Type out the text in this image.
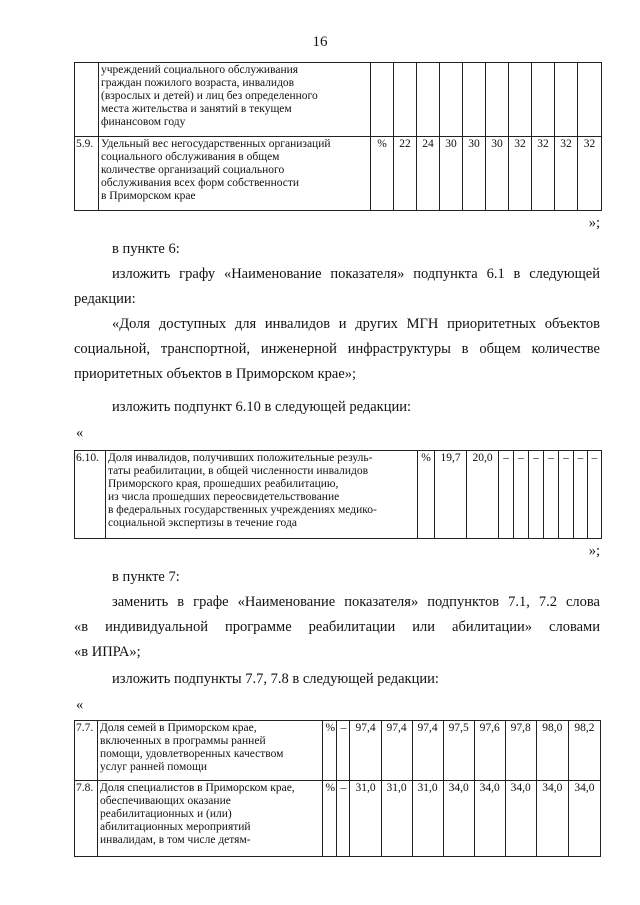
16

	учреждений социального обслуживания
граждан пожилого возраста, инвалидов
(взрослых и детей) и лиц без определенного
места жительства и занятий в текущем
финансовом году										

5.9.	Удельный вес негосударственных организаций
социального обслуживания в общем
количестве организаций социального
обслуживания всех форм собственности
в Приморском крае	%	22	24	30	30	30	32	32	32	32
»;
в пункте 6:
изложить графу «Наименование показателя» подпункта 6.1 в следующей
редакции:
«Доля доступных для инвалидов и других МГН приоритетных объектов
социальной, транспортной, инженерной инфраструктуры в общем количестве
приоритетных объектов в Приморском крае»;
изложить подпункт 6.10 в следующей редакции:
«
6.10.	Доля инвалидов, получивших положительные резуль-
таты реабилитации, в общей численности инвалидов
Приморского края, прошедших реабилитацию,
из числа прошедших переосвидетельствование
в федеральных государственных учреждениях медико-
социальной экспертизы в течение года
	%	19,7	20,0	–	–	–	–	–	–	–
»;
в пункте 7:
заменить в графе «Наименование показателя» подпунктов 7.1, 7.2 слова
«в индивидуальной программе реабилитации или абилитации» словами
«в ИПРА»;
изложить подпункты 7.7, 7.8 в следующей редакции:
«
7.7.	Доля семей в Приморском крае,
включенных в программы ранней
помощи, удовлетворенных качеством
услуг ранней помощи	%	–	97,4	97,4	97,4	97,5	97,6	97,8	98,0	98,2
7.8.	Доля специалистов в Приморском крае,
обеспечивающих оказание
реабилитационных и (или)
абилитационных мероприятий
инвалидам, в том числе детям-	%	–	31,0	31,0	31,0	34,0	34,0	34,0	34,0	34,0
